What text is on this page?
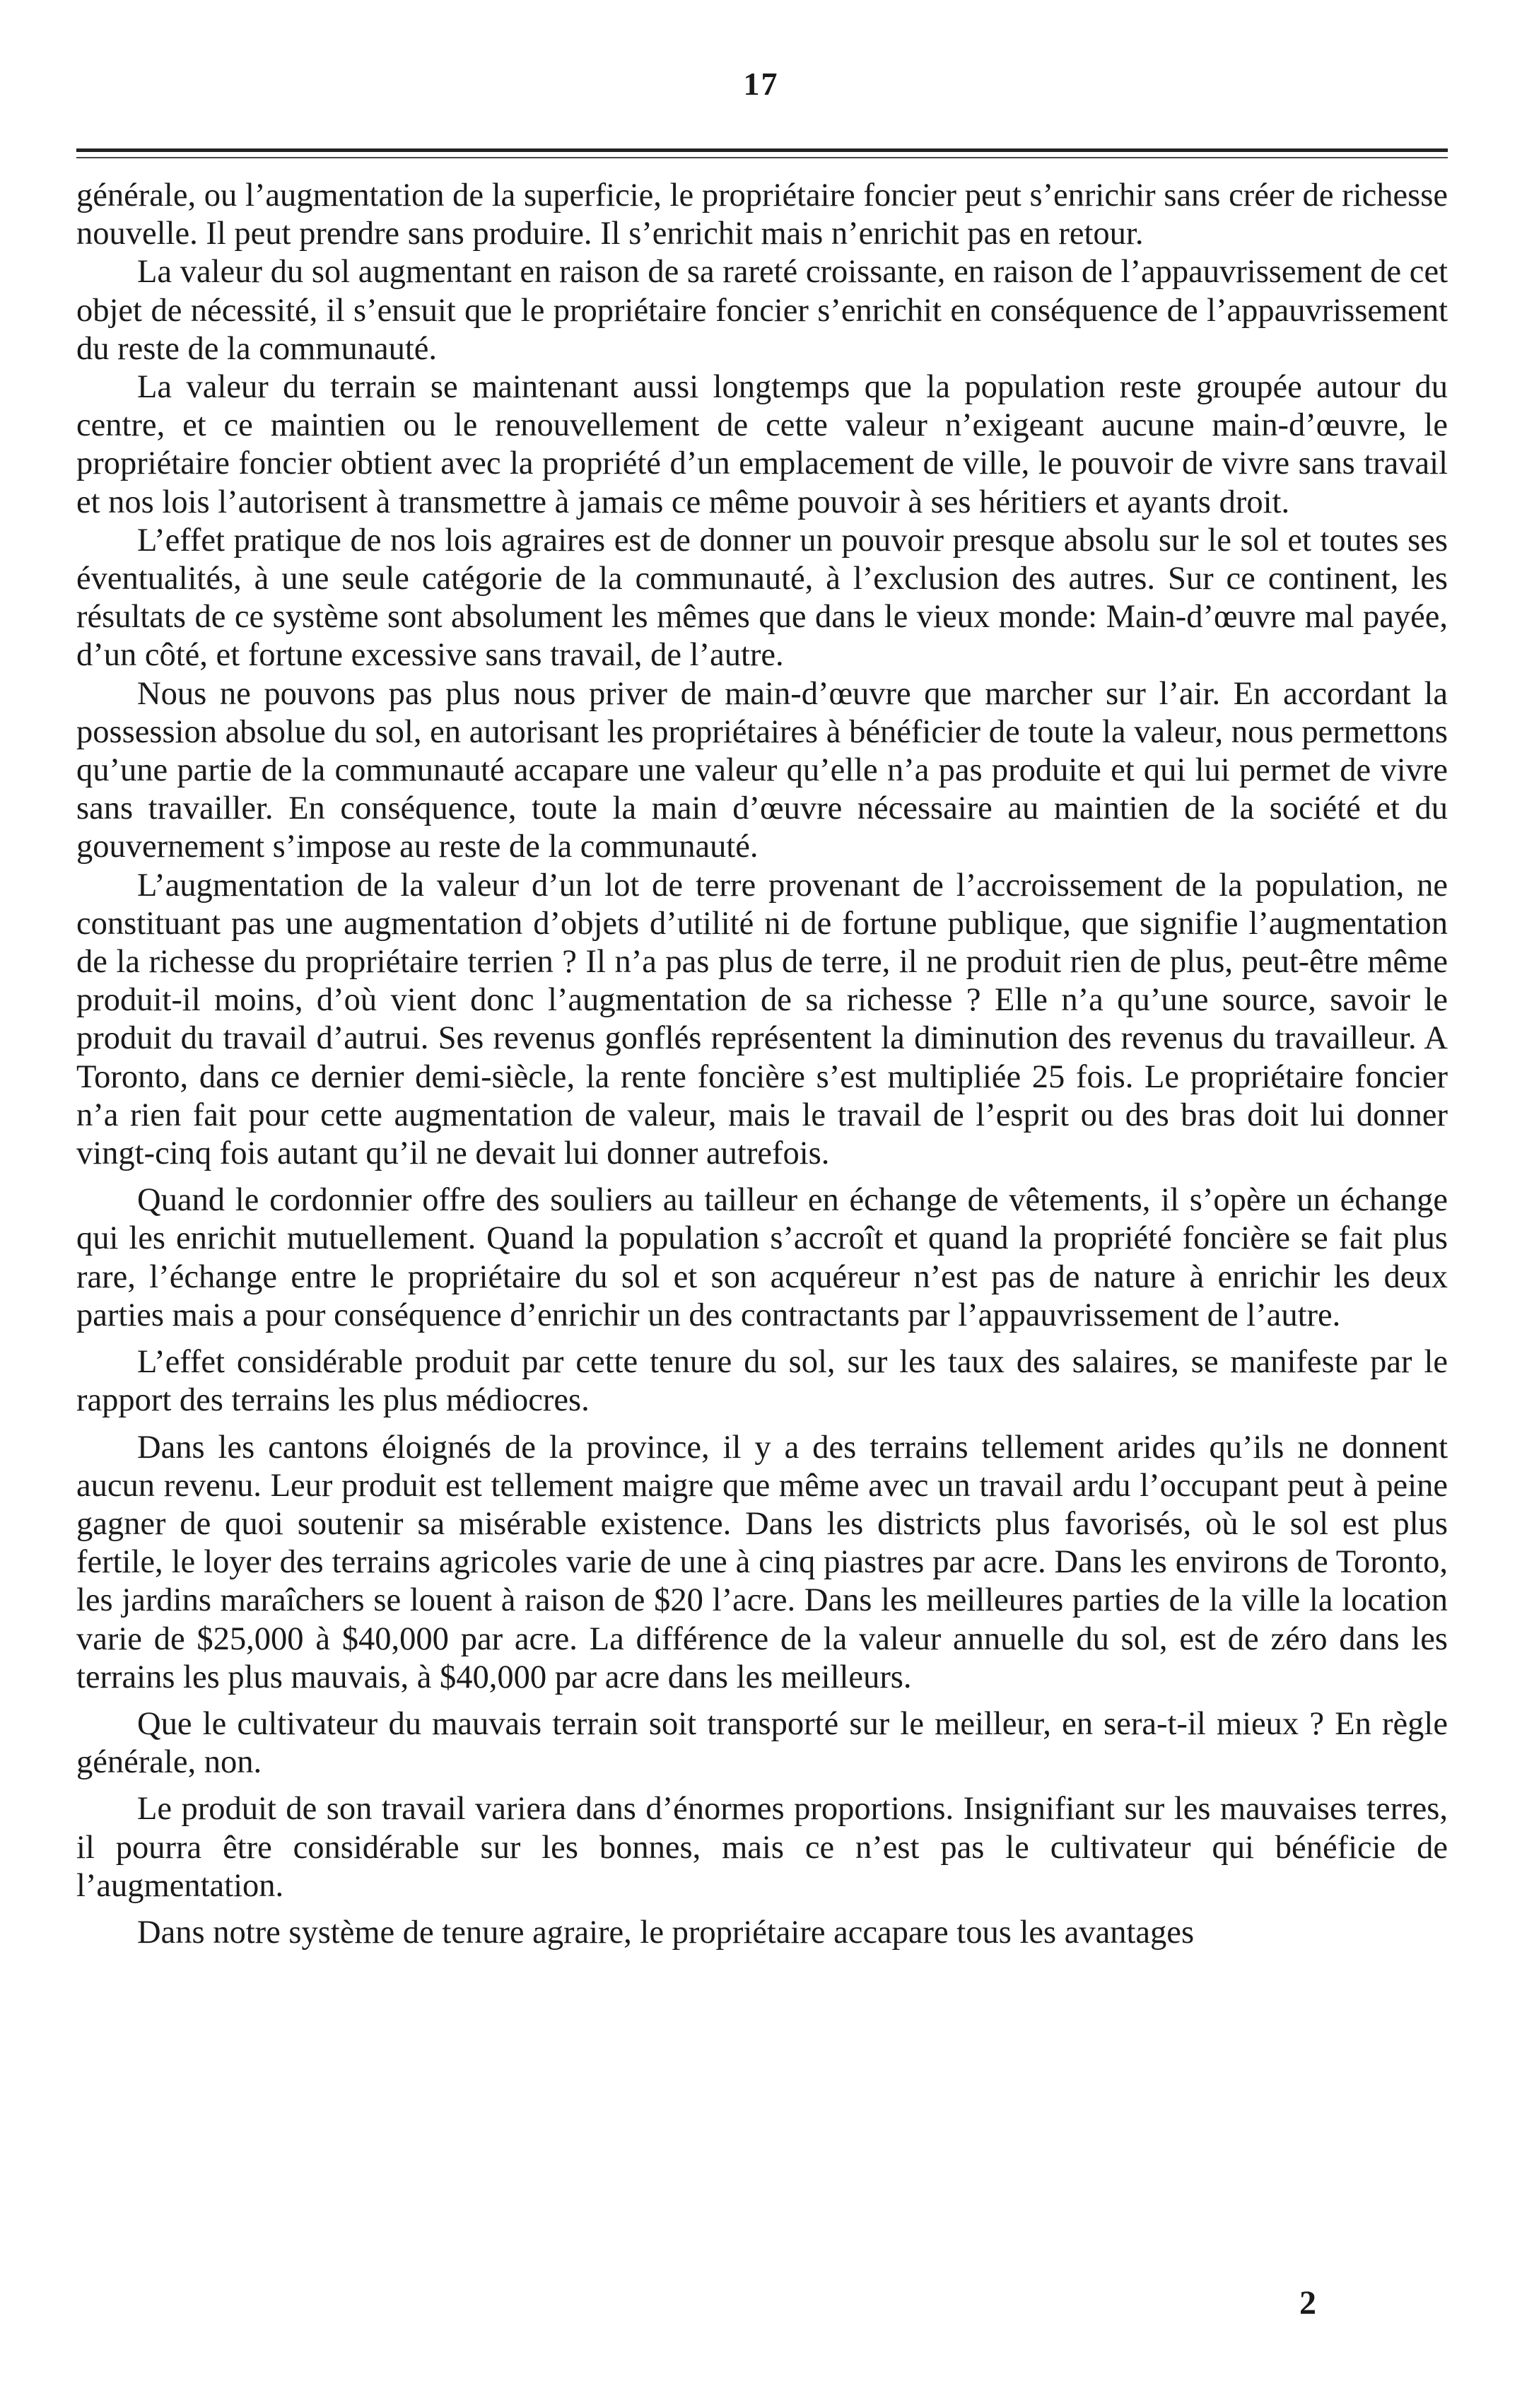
17

générale, ou l’augmentation de la superficie, le propriétaire foncier peut s’enrichir sans créer de richesse nouvelle. Il peut prendre sans produire. Il s’enrichit mais n’enrichit pas en retour.

La valeur du sol augmentant en raison de sa rareté croissante, en raison de l’appauvrissement de cet objet de nécessité, il s’ensuit que le propriétaire foncier s’enrichit en conséquence de l’appauvrissement du reste de la communauté.

La valeur du terrain se maintenant aussi longtemps que la population reste groupée autour du centre, et ce maintien ou le renouvellement de cette valeur n’exigeant aucune main-d’œuvre, le propriétaire foncier obtient avec la propriété d’un emplacement de ville, le pouvoir de vivre sans travail et nos lois l’autorisent à transmettre à jamais ce même pouvoir à ses héritiers et ayants droit.

L’effet pratique de nos lois agraires est de donner un pouvoir presque absolu sur le sol et toutes ses éventualités, à une seule catégorie de la communauté, à l’exclusion des autres. Sur ce continent, les résultats de ce système sont absolument les mêmes que dans le vieux monde: Main-d’œuvre mal payée, d’un côté, et fortune excessive sans travail, de l’autre.

Nous ne pouvons pas plus nous priver de main-d’œuvre que marcher sur l’air. En accordant la possession absolue du sol, en autorisant les propriétaires à bénéficier de toute la valeur, nous permettons qu’une partie de la communauté accapare une valeur qu’elle n’a pas produite et qui lui permet de vivre sans travailler. En conséquence, toute la main d’œuvre nécessaire au maintien de la société et du gouvernement s’impose au reste de la communauté.

L’augmentation de la valeur d’un lot de terre provenant de l’accroissement de la population, ne constituant pas une augmentation d’objets d’utilité ni de fortune publique, que signifie l’augmentation de la richesse du propriétaire terrien ? Il n’a pas plus de terre, il ne produit rien de plus, peut-être même produit-il moins, d’où vient donc l’augmentation de sa richesse ? Elle n’a qu’une source, savoir le produit du travail d’autrui. Ses revenus gonflés représentent la diminution des revenus du travailleur. A Toronto, dans ce dernier demi-siècle, la rente foncière s’est multipliée 25 fois. Le propriétaire foncier n’a rien fait pour cette augmentation de valeur, mais le travail de l’esprit ou des bras doit lui donner vingt-cinq fois autant qu’il ne devait lui donner autrefois.

Quand le cordonnier offre des souliers au tailleur en échange de vêtements, il s’opère un échange qui les enrichit mutuellement. Quand la population s’accroît et quand la propriété foncière se fait plus rare, l’échange entre le propriétaire du sol et son acquéreur n’est pas de nature à enrichir les deux parties mais a pour conséquence d’enrichir un des contractants par l’appauvrissement de l’autre.

L’effet considérable produit par cette tenure du sol, sur les taux des salaires, se manifeste par le rapport des terrains les plus médiocres.

Dans les cantons éloignés de la province, il y a des terrains tellement arides qu’ils ne donnent aucun revenu. Leur produit est tellement maigre que même avec un travail ardu l’occupant peut à peine gagner de quoi soutenir sa misérable existence. Dans les districts plus favorisés, où le sol est plus fertile, le loyer des terrains agricoles varie de une à cinq piastres par acre. Dans les environs de Toronto, les jardins maraîchers se louent à raison de $20 l’acre. Dans les meilleures parties de la ville la location varie de $25,000 à $40,000 par acre. La différence de la valeur annuelle du sol, est de zéro dans les terrains les plus mauvais, à $40,000 par acre dans les meilleurs.

Que le cultivateur du mauvais terrain soit transporté sur le meilleur, en sera-t-il mieux ? En règle générale, non.

Le produit de son travail variera dans d’énormes proportions. Insignifiant sur les mauvaises terres, il pourra être considérable sur les bonnes, mais ce n’est pas le cultivateur qui bénéficie de l’augmentation.

Dans notre système de tenure agraire, le propriétaire accapare tous les avantages

2
